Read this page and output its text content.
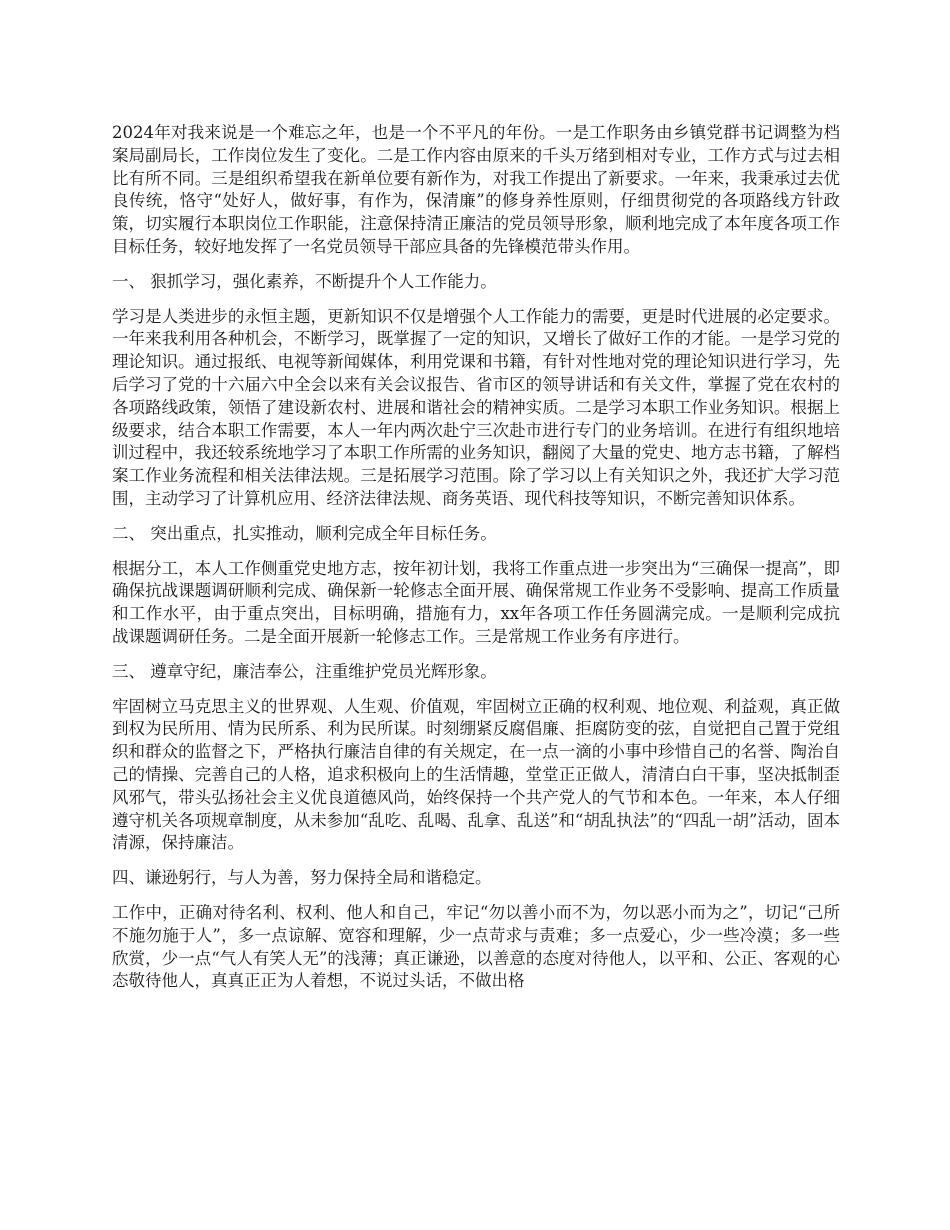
2024年对我来说是一个难忘之年，也是一个不平凡的年份。一是工作职务由乡镇党群书记调整为档案局副局长，工作岗位发生了变化。二是工作内容由原来的千头万绪到相对专业，工作方式与过去相比有所不同。三是组织希望我在新单位要有新作为，对我工作提出了新要求。一年来，我秉承过去优良传统，恪守“处好人，做好事，有作为，保清廉”的修身养性原则，仔细贯彻党的各项路线方针政策，切实履行本职岗位工作职能，注意保持清正廉洁的党员领导形象，顺利地完成了本年度各项工作目标任务，较好地发挥了一名党员领导干部应具备的先锋模范带头作用。

一、 狠抓学习，强化素养，不断提升个人工作能力。

学习是人类进步的永恒主题，更新知识不仅是增强个人工作能力的需要，更是时代进展的必定要求。一年来我利用各种机会，不断学习，既掌握了一定的知识，又增长了做好工作的才能。一是学习党的理论知识。通过报纸、电视等新闻媒体，利用党课和书籍，有针对性地对党的理论知识进行学习，先后学习了党的十六届六中全会以来有关会议报告、省市区的领导讲话和有关文件，掌握了党在农村的各项路线政策，领悟了建设新农村、进展和谐社会的精神实质。二是学习本职工作业务知识。根据上级要求，结合本职工作需要，本人一年内两次赴宁三次赴市进行专门的业务培训。在进行有组织地培训过程中，我还较系统地学习了本职工作所需的业务知识，翻阅了大量的党史、地方志书籍，了解档案工作业务流程和相关法律法规。三是拓展学习范围。除了学习以上有关知识之外，我还扩大学习范围，主动学习了计算机应用、经济法律法规、商务英语、现代科技等知识，不断完善知识体系。

二、 突出重点，扎实推动，顺利完成全年目标任务。

根据分工，本人工作侧重党史地方志，按年初计划，我将工作重点进一步突出为“三确保一提高”，即确保抗战课题调研顺利完成、确保新一轮修志全面开展、确保常规工作业务不受影响、提高工作质量和工作水平，由于重点突出，目标明确，措施有力，xx年各项工作任务圆满完成。一是顺利完成抗战课题调研任务。二是全面开展新一轮修志工作。三是常规工作业务有序进行。

三、 遵章守纪，廉洁奉公，注重维护党员光辉形象。

牢固树立马克思主义的世界观、人生观、价值观，牢固树立正确的权利观、地位观、利益观，真正做到权为民所用、情为民所系、利为民所谋。时刻绷紧反腐倡廉、拒腐防变的弦，自觉把自己置于党组织和群众的监督之下，严格执行廉洁自律的有关规定，在一点一滴的小事中珍惜自己的名誉、陶治自己的情操、完善自己的人格，追求积极向上的生活情趣，堂堂正正做人，清清白白干事，坚决抵制歪风邪气，带头弘扬社会主义优良道德风尚，始终保持一个共产党人的气节和本色。一年来，本人仔细遵守机关各项规章制度，从未参加“乱吃、乱喝、乱拿、乱送”和“胡乱执法”的“四乱一胡”活动，固本清源，保持廉洁。

四、谦逊躬行，与人为善，努力保持全局和谐稳定。

工作中，正确对待名利、权利、他人和自己，牢记“勿以善小而不为，勿以恶小而为之”，切记“己所不施勿施于人”，多一点谅解、宽容和理解，少一点苛求与责难；多一点爱心，少一些冷漠；多一些欣赏，少一点“气人有笑人无”的浅薄；真正谦逊，以善意的态度对待他人，以平和、公正、客观的心态敬待他人，真真正正为人着想，不说过头话，不做出格
